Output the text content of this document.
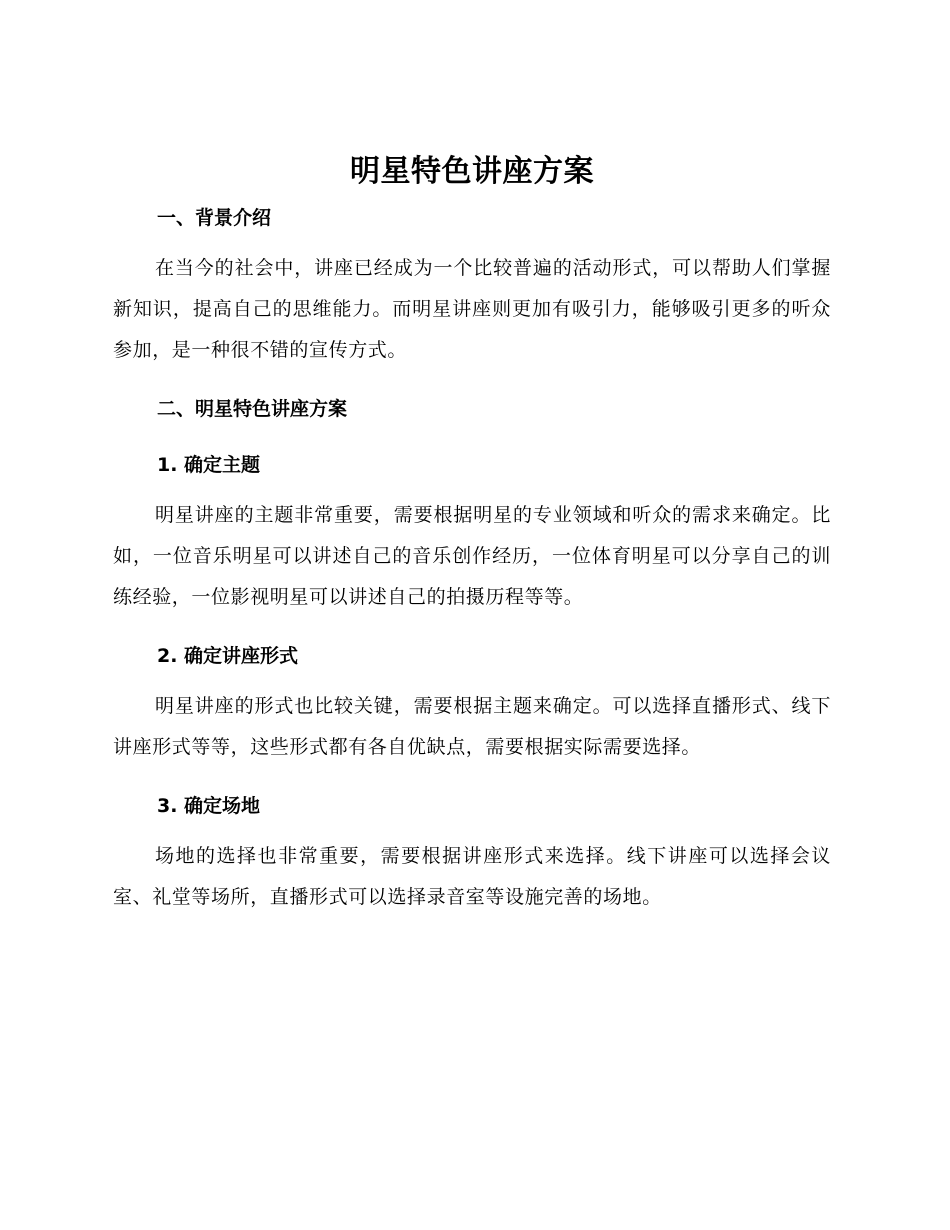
明星特色讲座方案
一、背景介绍

在当今的社会中，讲座已经成为一个比较普遍的活动形式，可以帮助人们掌握新知识，提高自己的思维能力。而明星讲座则更加有吸引力，能够吸引更多的听众参加，是一种很不错的宣传方式。

二、明星特色讲座方案
1. 确定主题

明星讲座的主题非常重要，需要根据明星的专业领域和听众的需求来确定。比如，一位音乐明星可以讲述自己的音乐创作经历，一位体育明星可以分享自己的训练经验，一位影视明星可以讲述自己的拍摄历程等等。

2. 确定讲座形式

明星讲座的形式也比较关键，需要根据主题来确定。可以选择直播形式、线下讲座形式等等，这些形式都有各自优缺点，需要根据实际需要选择。

3. 确定场地

场地的选择也非常重要，需要根据讲座形式来选择。线下讲座可以选择会议室、礼堂等场所，直播形式可以选择录音室等设施完善的场地。
